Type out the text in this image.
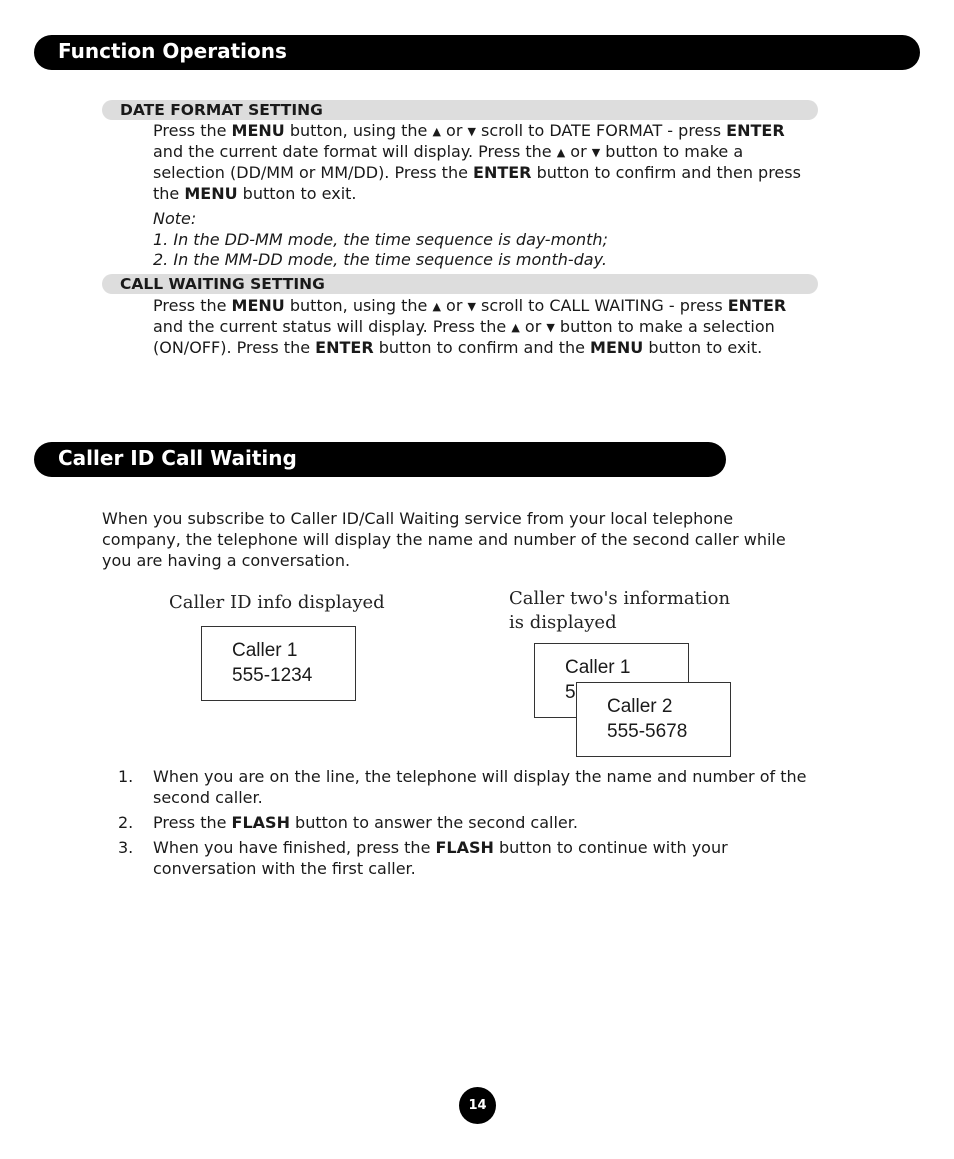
Function Operations
DATE FORMAT SETTING
Press the MENU button, using the ▲ or ▼ scroll to DATE FORMAT - press ENTER
and the current date format will display. Press the ▲ or ▼ button to make a
selection (DD/MM or MM/DD). Press the ENTER button to confirm and then press
the MENU button to exit.
Note:
1. In the DD-MM mode, the time sequence is day-month;
2. In the MM-DD mode, the time sequence is month-day.
CALL WAITING SETTING
Press the MENU button, using the ▲ or ▼ scroll to CALL WAITING - press ENTER
and the current status will display. Press the ▲ or ▼ button to make a selection
(ON/OFF). Press the ENTER button to confirm and the MENU button to exit.
Caller ID Call Waiting
When you subscribe to Caller ID/Call Waiting service from your local telephone
company, the telephone will display the name and number of the second caller while
you are having a conversation.
Caller ID info displayed	Caller two's information
is displayed
Caller 1
555-1234	Caller 1
5
Caller 2
555-5678
1. When you are on the line, the telephone will display the name and number of the
second caller.
2. Press the FLASH button to answer the second caller.
3. When you have finished, press the FLASH button to continue with your
conversation with the first caller.
14
